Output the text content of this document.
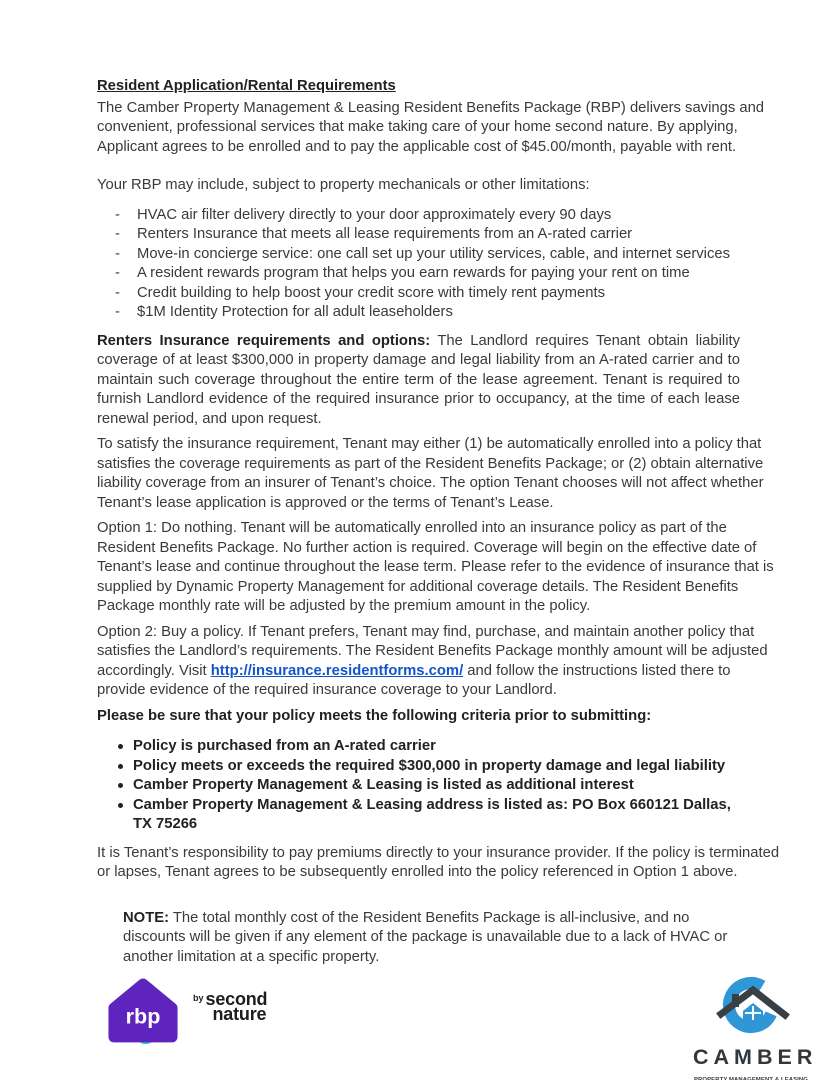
Resident Application/Rental Requirements

The Camber Property Management & Leasing Resident Benefits Package (RBP) delivers savings and convenient, professional services that make taking care of your home second nature. By applying, Applicant agrees to be enrolled and to pay the applicable cost of $45.00/month, payable with rent.

Your RBP may include, subject to property mechanicals or other limitations:

- HVAC air filter delivery directly to your door approximately every 90 days
- Renters Insurance that meets all lease requirements from an A-rated carrier
- Move-in concierge service: one call set up your utility services, cable, and internet services
- A resident rewards program that helps you earn rewards for paying your rent on time
- Credit building to help boost your credit score with timely rent payments
- $1M Identity Protection for all adult leaseholders

Renters Insurance requirements and options: The Landlord requires Tenant obtain liability coverage of at least $300,000 in property damage and legal liability from an A-rated carrier and to maintain such coverage throughout the entire term of the lease agreement. Tenant is required to furnish Landlord evidence of the required insurance prior to occupancy, at the time of each lease renewal period, and upon request.

To satisfy the insurance requirement, Tenant may either (1) be automatically enrolled into a policy that satisfies the coverage requirements as part of the Resident Benefits Package; or (2) obtain alternative liability coverage from an insurer of Tenant’s choice. The option Tenant chooses will not affect whether Tenant’s lease application is approved or the terms of Tenant’s Lease.

Option 1: Do nothing. Tenant will be automatically enrolled into an insurance policy as part of the Resident Benefits Package. No further action is required. Coverage will begin on the effective date of Tenant’s lease and continue throughout the lease term. Please refer to the evidence of insurance that is supplied by Dynamic Property Management for additional coverage details. The Resident Benefits Package monthly rate will be adjusted by the premium amount in the policy.

Option 2: Buy a policy. If Tenant prefers, Tenant may find, purchase, and maintain another policy that satisfies the Landlord’s requirements. The Resident Benefits Package monthly amount will be adjusted accordingly. Visit http://insurance.residentforms.com/ and follow the instructions listed there to provide evidence of the required insurance coverage to your Landlord.

Please be sure that your policy meets the following criteria prior to submitting:

Policy is purchased from an A-rated carrier
Policy meets or exceeds the required $300,000 in property damage and legal liability
Camber Property Management & Leasing is listed as additional interest
Camber Property Management & Leasing address is listed as: PO Box 660121 Dallas, TX 75266

It is Tenant’s responsibility to pay premiums directly to your insurance provider. If the policy is terminated or lapses, Tenant agrees to be subsequently enrolled into the policy referenced in Option 1 above.

NOTE: The total monthly cost of the Resident Benefits Package is all-inclusive, and no discounts will be given if any element of the package is unavailable due to a lack of HVAC or another limitation at a specific property.

rbp
by second
nature
CAMBER
PROPERTY MANAGEMENT & LEASING
